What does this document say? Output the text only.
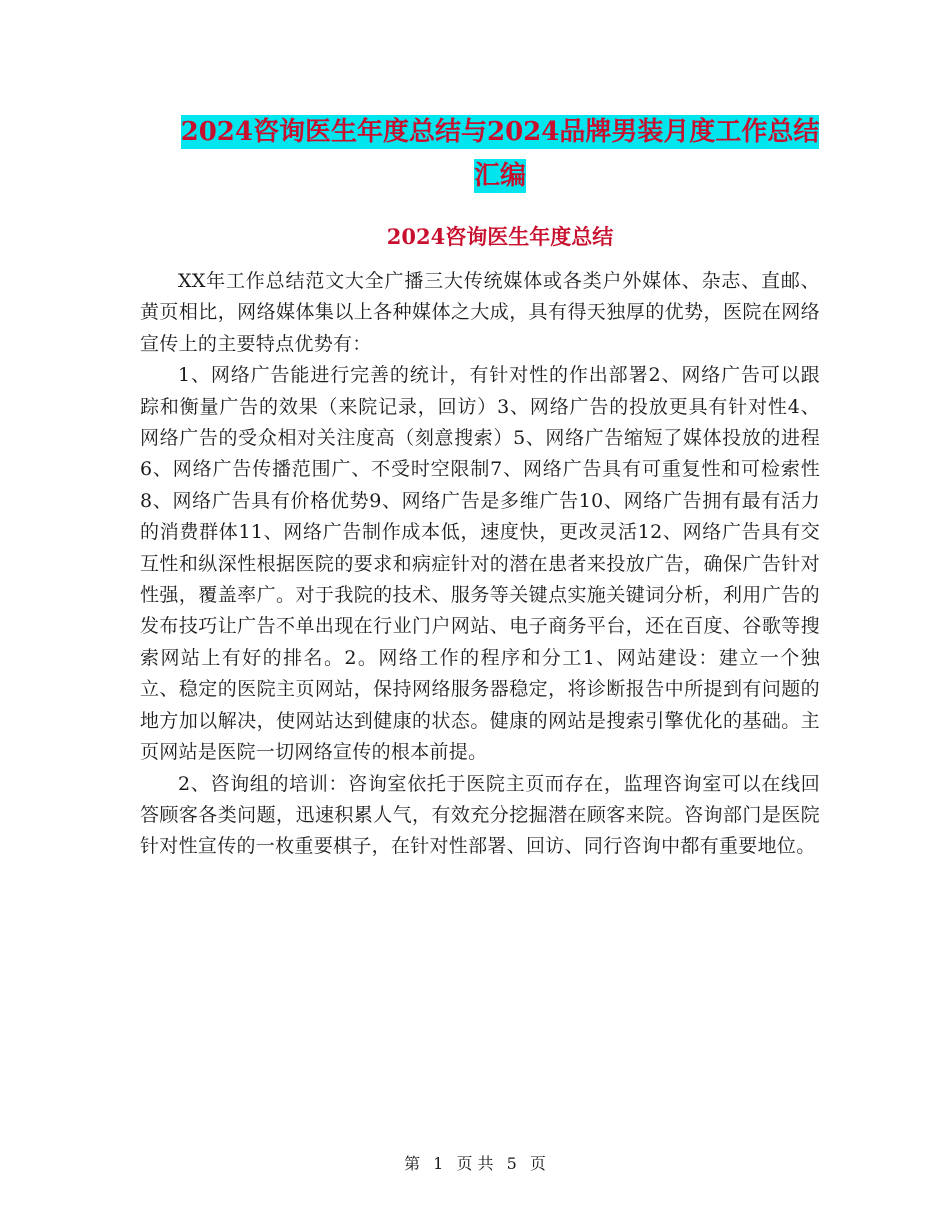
2024咨询医生年度总结与2024品牌男装月度工作总结
汇编
2024咨询医生年度总结

XX年工作总结范文大全广播三大传统媒体或各类户外媒体、杂志、直邮、黄页相比，网络媒体集以上各种媒体之大成，具有得天独厚的优势，医院在网络宣传上的主要特点优势有：

1、网络广告能进行完善的统计，有针对性的作出部署2、网络广告可以跟踪和衡量广告的效果（来院记录，回访）3、网络广告的投放更具有针对性4、网络广告的受众相对关注度高（刻意搜索）5、网络广告缩短了媒体投放的进程6、网络广告传播范围广、不受时空限制7、网络广告具有可重复性和可检索性8、网络广告具有价格优势9、网络广告是多维广告10、网络广告拥有最有活力的消费群体11、网络广告制作成本低，速度快，更改灵活12、网络广告具有交互性和纵深性根据医院的要求和病症针对的潜在患者来投放广告，确保广告针对性强，覆盖率广。对于我院的技术、服务等关键点实施关键词分析，利用广告的发布技巧让广告不单出现在行业门户网站、电子商务平台，还在百度、谷歌等搜索网站上有好的排名。2。网络工作的程序和分工1、网站建设：建立一个独立、稳定的医院主页网站，保持网络服务器稳定，将诊断报告中所提到有问题的地方加以解决，使网站达到健康的状态。健康的网站是搜索引擎优化的基础。主页网站是医院一切网络宣传的根本前提。

2、咨询组的培训：咨询室依托于医院主页而存在，监理咨询室可以在线回答顾客各类问题，迅速积累人气，有效充分挖掘潜在顾客来院。咨询部门是医院针对性宣传的一枚重要棋子，在针对性部署、回访、同行咨询中都有重要地位。

第 1 页 共 5 页
